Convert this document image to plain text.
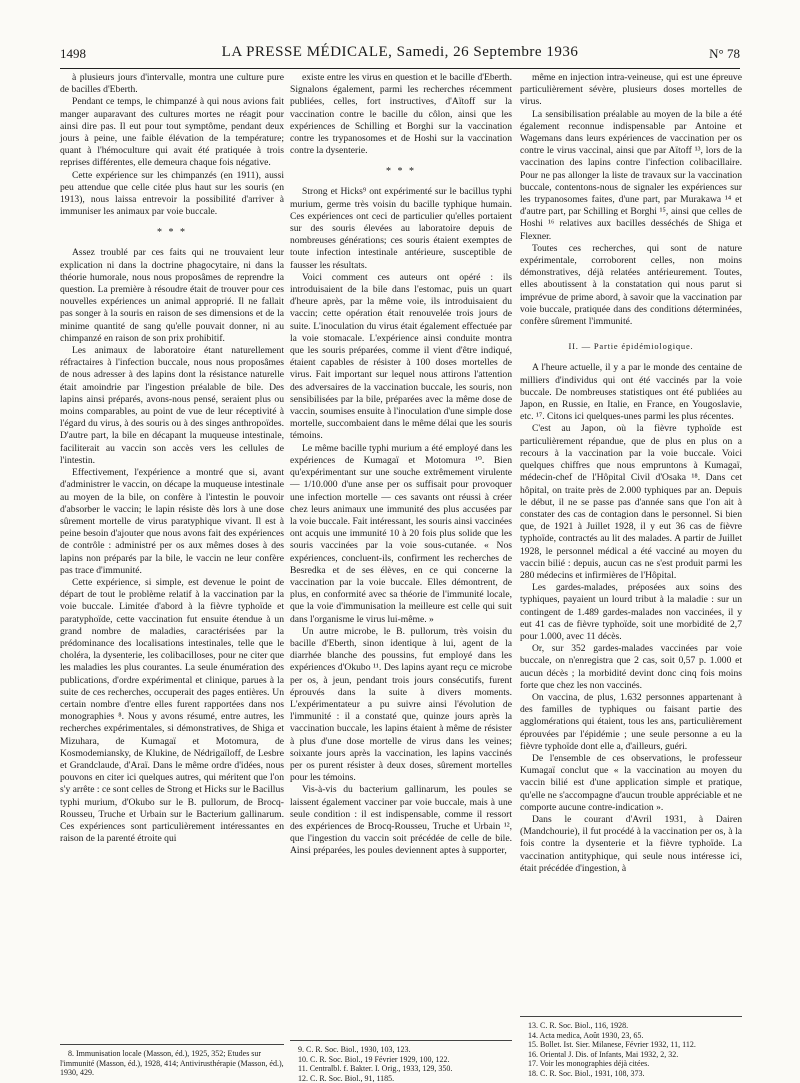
1498	LA PRESSE MÉDICALE, Samedi, 26 Septembre 1936	N° 78

à plusieurs jours d'intervalle, montra une culture pure de bacilles d'Eberth.

Pendant ce temps, le chimpanzé à qui nous avions fait manger auparavant des cultures mortes ne réagit pour ainsi dire pas. Il eut pour tout symptôme, pendant deux jours à peine, une faible élévation de la température; quant à l'hémoculture qui avait été pratiquée à trois reprises différentes, elle demeura chaque fois négative.

Cette expérience sur les chimpanzés (en 1911), aussi peu attendue que celle citée plus haut sur les souris (en 1913), nous laissa entrevoir la possibilité d'arriver à immuniser les animaux par voie buccale.

* * *

Assez troublé par ces faits qui ne trouvaient leur explication ni dans la doctrine phagocytaire, ni dans la théorie humorale, nous nous proposâmes de reprendre la question. La première à résoudre était de trouver pour ces nouvelles expériences un animal approprié. Il ne fallait pas songer à la souris en raison de ses dimensions et de la minime quantité de sang qu'elle pouvait donner, ni au chimpanzé en raison de son prix prohibitif.

Les animaux de laboratoire étant naturellement réfractaires à l'infection buccale, nous nous proposâmes de nous adresser à des lapins dont la résistance naturelle était amoindrie par l'ingestion préalable de bile. Des lapins ainsi préparés, avons-nous pensé, seraient plus ou moins comparables, au point de vue de leur réceptivité à l'égard du virus, à des souris ou à des singes anthropoïdes. D'autre part, la bile en décapant la muqueuse intestinale, faciliterait au vaccin son accès vers les cellules de l'intestin.

Effectivement, l'expérience a montré que si, avant d'administrer le vaccin, on décape la muqueuse intestinale au moyen de la bile, on confère à l'intestin le pouvoir d'absorber le vaccin; le lapin résiste dès lors à une dose sûrement mortelle de virus paratyphique vivant. Il est à peine besoin d'ajouter que nous avons fait des expériences de contrôle : administré per os aux mêmes doses à des lapins non préparés par la bile, le vaccin ne leur confère pas trace d'immunité.

Cette expérience, si simple, est devenue le point de départ de tout le problème relatif à la vaccination par la voie buccale. Limitée d'abord à la fièvre typhoïde et paratyphoïde, cette vaccination fut ensuite étendue à un grand nombre de maladies, caractérisées par la prédominance des localisations intestinales, telle que le choléra, la dysenterie, les colibacilloses, pour ne citer que les maladies les plus courantes. La seule énumération des publications, d'ordre expérimental et clinique, parues à la suite de ces recherches, occuperait des pages entières. Un certain nombre d'entre elles furent rapportées dans nos monographies ⁸. Nous y avons résumé, entre autres, les recherches expérimentales, si démonstratives, de Shiga et Mizuhara, de Kumagaï et Motomura, de Kosmodemiansky, de Klukine, de Nédrigaïloff, de Lesbre et Grandclaude, d'Araï. Dans le même ordre d'idées, nous pouvons en citer ici quelques autres, qui méritent que l'on s'y arrête : ce sont celles de Strong et Hicks sur le Bacillus typhi murium, d'Okubo sur le B. pullorum, de Brocq-Rousseu, Truche et Urbain sur le Bacterium gallinarum. Ces expériences sont particulièrement intéressantes en raison de la parenté étroite qui

existe entre les virus en question et le bacille d'Eberth. Signalons également, parmi les recherches récemment publiées, celles, fort instructives, d'Aïtoff sur la vaccination contre le bacille du côlon, ainsi que les expériences de Schilling et Borghi sur la vaccination contre les trypanosomes et de Hoshi sur la vaccination contre la dysenterie.

* * *

Strong et Hicks⁹ ont expérimenté sur le bacillus typhi murium, germe très voisin du bacille typhique humain. Ces expériences ont ceci de particulier qu'elles portaient sur des souris élevées au laboratoire depuis de nombreuses générations; ces souris étaient exemptes de toute infection intestinale antérieure, susceptible de fausser les résultats.

Voici comment ces auteurs ont opéré : ils introduisaient de la bile dans l'estomac, puis un quart d'heure après, par la même voie, ils introduisaient du vaccin; cette opération était renouvelée trois jours de suite. L'inoculation du virus était également effectuée par la voie stomacale. L'expérience ainsi conduite montra que les souris préparées, comme il vient d'être indiqué, étaient capables de résister à 100 doses mortelles de virus. Fait important sur lequel nous attirons l'attention des adversaires de la vaccination buccale, les souris, non sensibilisées par la bile, préparées avec la même dose de vaccin, soumises ensuite à l'inoculation d'une simple dose mortelle, succombaient dans le même délai que les souris témoins.

Le même bacille typhi murium a été employé dans les expériences de Kumagaï et Motomura ¹⁰. Bien qu'expérimentant sur une souche extrêmement virulente — 1/10.000 d'une anse per os suffisait pour provoquer une infection mortelle — ces savants ont réussi à créer chez leurs animaux une immunité des plus accusées par la voie buccale. Fait intéressant, les souris ainsi vaccinées ont acquis une immunité 10 à 20 fois plus solide que les souris vaccinées par la voie sous-cutanée. « Nos expériences, concluent-ils, confirment les recherches de Besredka et de ses élèves, en ce qui concerne la vaccination par la voie buccale. Elles démontrent, de plus, en conformité avec sa théorie de l'immunité locale, que la voie d'immunisation la meilleure est celle qui suit dans l'organisme le virus lui-même. »

Un autre microbe, le B. pullorum, très voisin du bacille d'Eberth, sinon identique à lui, agent de la diarrhée blanche des poussins, fut employé dans les expériences d'Okubo ¹¹. Des lapins ayant reçu ce microbe per os, à jeun, pendant trois jours consécutifs, furent éprouvés dans la suite à divers moments. L'expérimentateur a pu suivre ainsi l'évolution de l'immunité : il a constaté que, quinze jours après la vaccination buccale, les lapins étaient à même de résister à plus d'une dose mortelle de virus dans les veines; soixante jours après la vaccination, les lapins vaccinés per os purent résister à deux doses, sûrement mortelles pour les témoins.

Vis-à-vis du bacterium gallinarum, les poules se laissent également vacciner par voie buccale, mais à une seule condition : il est indispensable, comme il ressort des expériences de Brocq-Rousseu, Truche et Urbain ¹², que l'ingestion du vaccin soit précédée de celle de bile. Ainsi préparées, les poules deviennent aptes à supporter,

même en injection intra-veineuse, qui est une épreuve particulièrement sévère, plusieurs doses mortelles de virus.

La sensibilisation préalable au moyen de la bile a été également reconnue indispensable par Antoine et Wagemans dans leurs expériences de vaccination per os contre le virus vaccinal, ainsi que par Aïtoff ¹³, lors de la vaccination des lapins contre l'infection colibacillaire. Pour ne pas allonger la liste de travaux sur la vaccination buccale, contentons-nous de signaler les expériences sur les trypanosomes faites, d'une part, par Murakawa ¹⁴ et d'autre part, par Schilling et Borghi ¹⁵, ainsi que celles de Hoshi ¹⁶ relatives aux bacilles desséchés de Shiga et Flexner.

Toutes ces recherches, qui sont de nature expérimentale, corroborent celles, non moins démonstratives, déjà relatées antérieurement. Toutes, elles aboutissent à la constatation qui nous parut si imprévue de prime abord, à savoir que la vaccination par voie buccale, pratiquée dans des conditions déterminées, confère sûrement l'immunité.

II. — Partie épidémiologique.

A l'heure actuelle, il y a par le monde des centaine de milliers d'individus qui ont été vaccinés par la voie buccale. De nombreuses statistiques ont été publiées au Japon, en Russie, en Italie, en France, en Yougoslavie, etc. ¹⁷. Citons ici quelques-unes parmi les plus récentes.

C'est au Japon, où la fièvre typhoïde est particulièrement répandue, que de plus en plus on a recours à la vaccination par la voie buccale. Voici quelques chiffres que nous empruntons à Kumagaï, médecin-chef de l'Hôpital Civil d'Osaka ¹⁸. Dans cet hôpital, on traite près de 2.000 typhiques par an. Depuis le début, il ne se passe pas d'année sans que l'on ait à constater des cas de contagion dans le personnel. Si bien que, de 1921 à Juillet 1928, il y eut 36 cas de fièvre typhoïde, contractés au lit des malades. A partir de Juillet 1928, le personnel médical a été vacciné au moyen du vaccin bilié : depuis, aucun cas ne s'est produit parmi les 280 médecins et infirmières de l'Hôpital.

Les gardes-malades, préposées aux soins des typhiques, payaient un lourd tribut à la maladie : sur un contingent de 1.489 gardes-malades non vaccinées, il y eut 41 cas de fièvre typhoïde, soit une morbidité de 2,7 pour 1.000, avec 11 décès.

Or, sur 352 gardes-malades vaccinées par voie buccale, on n'enregistra que 2 cas, soit 0,57 p. 1.000 et aucun décès ; la morbidité devint donc cinq fois moins forte que chez les non vaccinés.

On vaccina, de plus, 1.632 personnes appartenant à des familles de typhiques ou faisant partie des agglomérations qui étaient, tous les ans, particulièrement éprouvées par l'épidémie ; une seule personne a eu la fièvre typhoïde dont elle a, d'ailleurs, guéri.

De l'ensemble de ces observations, le professeur Kumagaï conclut que « la vaccination au moyen du vaccin bilié est d'une application simple et pratique, qu'elle ne s'accompagne d'aucun trouble appréciable et ne comporte aucune contre-indication ».

Dans le courant d'Avril 1931, à Dairen (Mandchourie), il fut procédé à la vaccination per os, à la fois contre la dysenterie et la fièvre typhoïde. La vaccination antityphique, qui seule nous intéresse ici, était précédée d'ingestion, à

8. Immunisation locale (Masson, éd.), 1925, 352; Etudes sur l'immunité (Masson, éd.), 1928, 414; Antivirusthérapie (Masson, éd.), 1930, 429.
9. C. R. Soc. Biol., 1930, 103, 123.
10. C. R. Soc. Biol., 19 Février 1929, 100, 122.
11. Centralbl. f. Bakter. I. Orig., 1933, 129, 350.
12. C. R. Soc. Biol., 91, 1185.
13. C. R. Soc. Biol., 116, 1928.
14. Acta medica, Août 1930, 23, 65.
15. Bollet. Ist. Sier. Milanese, Février 1932, 11, 112.
16. Oriental J. Dis. of Infants, Mai 1932, 2, 32.
17. Voir les monographies déjà citées.
18. C. R. Soc. Biol., 1931, 108, 373.
